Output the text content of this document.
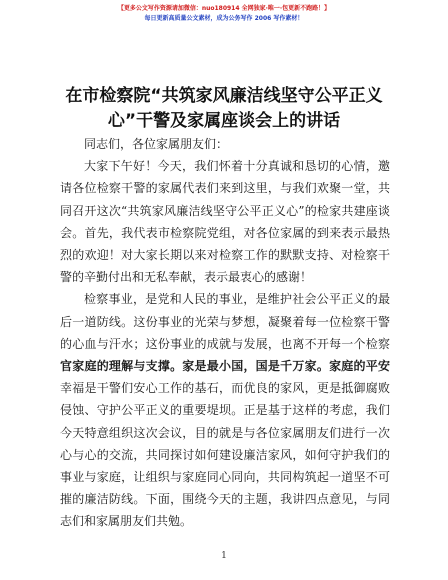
【更多公文写作资源请加微信：nuo180914 全网独家·唯一·包更新不跑路！】
每日更新高质量公文素材，成为公务写作 2006 写作素材！
在市检察院“共筑家风廉洁线坚守公平正义
心”干警及家属座谈会上的讲话

同志们，各位家属朋友们：

大家下午好！今天，我们怀着十分真诚和恳切的心情，邀请各位检察干警的家属代表们来到这里，与我们欢聚一堂，共同召开这次“共筑家风廉洁线坚守公平正义心”的检家共建座谈会。首先，我代表市检察院党组，对各位家属的到来表示最热烈的欢迎！对大家长期以来对检察工作的默默支持、对检察干警的辛勤付出和无私奉献，表示最衷心的感谢！

检察事业，是党和人民的事业，是维护社会公平正义的最后一道防线。这份事业的光荣与梦想，凝聚着每一位检察干警的心血与汗水；这份事业的成就与发展，也离不开每一个检察官家庭的理解与支撑。家是最小国，国是千万家。家庭的平安幸福是干警们安心工作的基石，而优良的家风，更是抵御腐败侵蚀、守护公平正义的重要堤坝。正是基于这样的考虑，我们今天特意组织这次会议，目的就是与各位家属朋友们进行一次心与心的交流，共同探讨如何建设廉洁家风，如何守护我们的事业与家庭，让组织与家庭同心同向，共同构筑起一道坚不可摧的廉洁防线。下面，围绕今天的主题，我讲四点意见，与同志们和家属朋友们共勉。

1
